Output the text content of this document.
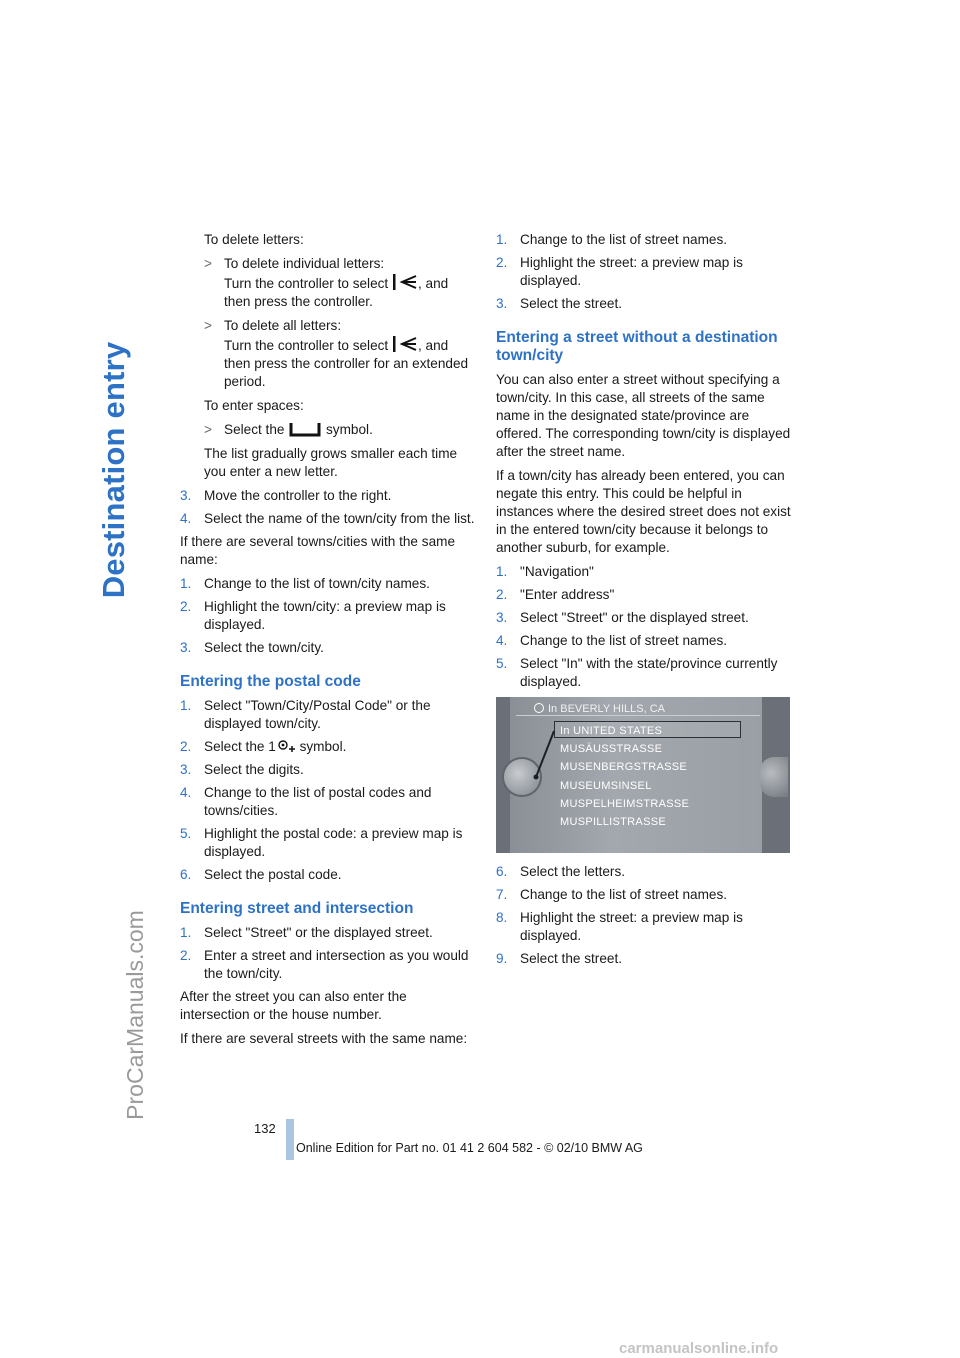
Destination entry
ProCarManuals.com

To delete letters:

> To delete individual letters:
Turn the controller to select , and then press the controller.
> To delete all letters:
Turn the controller to select , and then press the controller for an extended period.

To enter spaces:

> Select the	symbol.

The list gradually grows smaller each time you enter a new letter.

3. Move the controller to the right.
4. Select the name of the town/city from the list.

If there are several towns/cities with the same name:

1. Change to the list of town/city names.
2. Highlight the town/city: a preview map is displayed.
3. Select the town/city.
Entering the postal code
1. Select "Town/City/Postal Code" or the displayed town/city.
2. Select the 1 symbol.
3. Select the digits.
4. Change to the list of postal codes and towns/cities.
5. Highlight the postal code: a preview map is displayed.
6. Select the postal code.
Entering street and intersection
1. Select "Street" or the displayed street.
2. Enter a street and intersection as you would the town/city.

After the street you can also enter the intersection or the house number.

If there are several streets with the same name:

1. Change to the list of street names.
2. Highlight the street: a preview map is displayed.
3. Select the street.
Entering a street without a destination town/city

You can also enter a street without specifying a town/city. In this case, all streets of the same name in the designated state/province are offered. The corresponding town/city is displayed after the street name.

If a town/city has already been entered, you can negate this entry. This could be helpful in instances where the desired street does not exist in the entered town/city because it belongs to another suburb, for example.

1. "Navigation"
2. "Enter address"
3. Select "Street" or the displayed street.
4. Change to the list of street names.
5. Select "In" with the state/province currently displayed.
In BEVERLY HILLS, CA
In UNITED STATES
MUSÄUSSTRASSE
MUSENBERGSTRASSE
MUSEUMSINSEL
MUSPELHEIMSTRASSE
MUSPILLISTRASSE
6. Select the letters.
7. Change to the list of street names.
8. Highlight the street: a preview map is displayed.
9. Select the street.
132
Online Edition for Part no. 01 41 2 604 582 - © 02/10 BMW AG
carmanualsonline.info
